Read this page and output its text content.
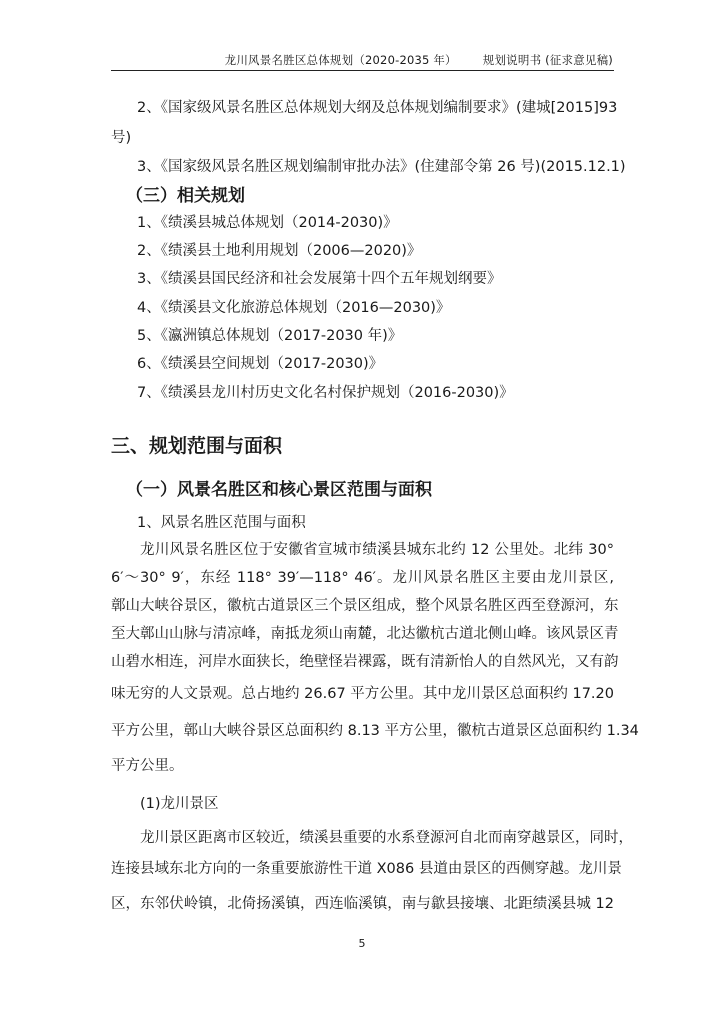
龙川风景名胜区总体规划（2020-2035 年） 规划说明书 (征求意见稿)
2、《国家级风景名胜区总体规划大纲及总体规划编制要求》(建城[2015]93
号)
3、《国家级风景名胜区规划编制审批办法》(住建部令第 26 号)(2015.12.1)
（三）相关规划
1、《绩溪县城总体规划（2014-2030)》
2、《绩溪县土地利用规划（2006—2020)》
3、《绩溪县国民经济和社会发展第十四个五年规划纲要》
4、《绩溪县文化旅游总体规划（2016—2030)》
5、《瀛洲镇总体规划（2017-2030 年)》
6、《绩溪县空间规划（2017-2030)》
7、《绩溪县龙川村历史文化名村保护规划（2016-2030)》
三、规划范围与面积
（一）风景名胜区和核心景区范围与面积
1、风景名胜区范围与面积
龙川风景名胜区位于安徽省宣城市绩溪县城东北约 12 公里处。北纬 30°
6′～30° 9′，东经 118° 39′—118° 46′。龙川风景名胜区主要由龙川景区,
鄣山大峡谷景区，徽杭古道景区三个景区组成，整个风景名胜区西至登源河，东
至大鄣山山脉与清凉峰，南抵龙须山南麓，北达徽杭古道北侧山峰。该风景区青
山碧水相连，河岸水面狭长，绝壁怪岩裸露，既有清新怡人的自然风光，又有韵
味无穷的人文景观。总占地约 26.67 平方公里。其中龙川景区总面积约 17.20
平方公里，鄣山大峡谷景区总面积约 8.13 平方公里，徽杭古道景区总面积约 1.34
平方公里。
(1)龙川景区
龙川景区距离市区较近，绩溪县重要的水系登源河自北而南穿越景区，同时，
连接县域东北方向的一条重要旅游性干道 X086 县道由景区的西侧穿越。龙川景
区，东邻伏岭镇，北倚扬溪镇，西连临溪镇，南与歙县接壤、北距绩溪县城 12
5
